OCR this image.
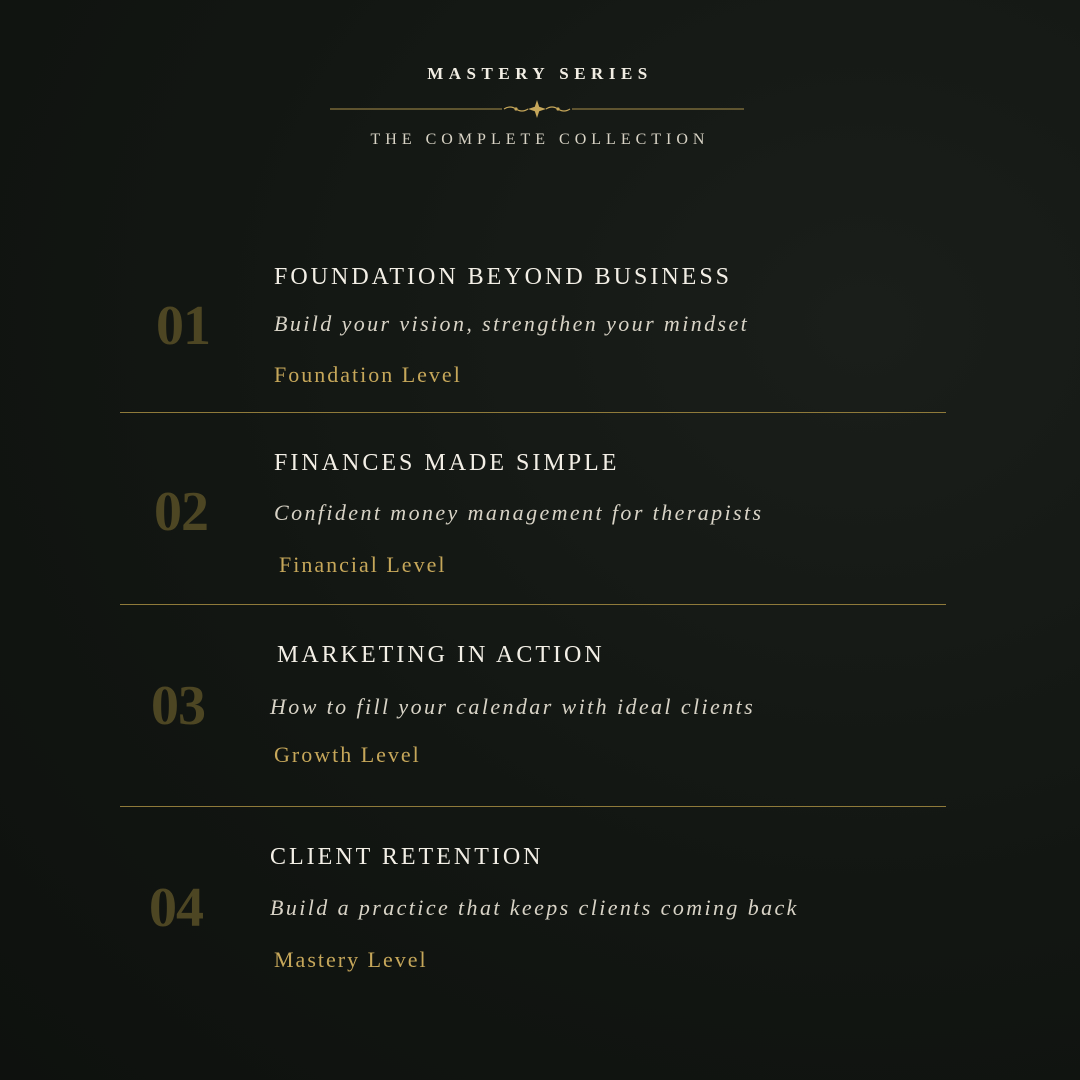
MASTERY SERIES
THE COMPLETE COLLECTION
01
FOUNDATION BEYOND BUSINESS
Build your vision, strengthen your mindset
Foundation Level
02
FINANCES MADE SIMPLE
Confident money management for therapists
Financial Level
03
MARKETING IN ACTION
How to fill your calendar with ideal clients
Growth Level
04
CLIENT RETENTION
Build a practice that keeps clients coming back
Mastery Level
